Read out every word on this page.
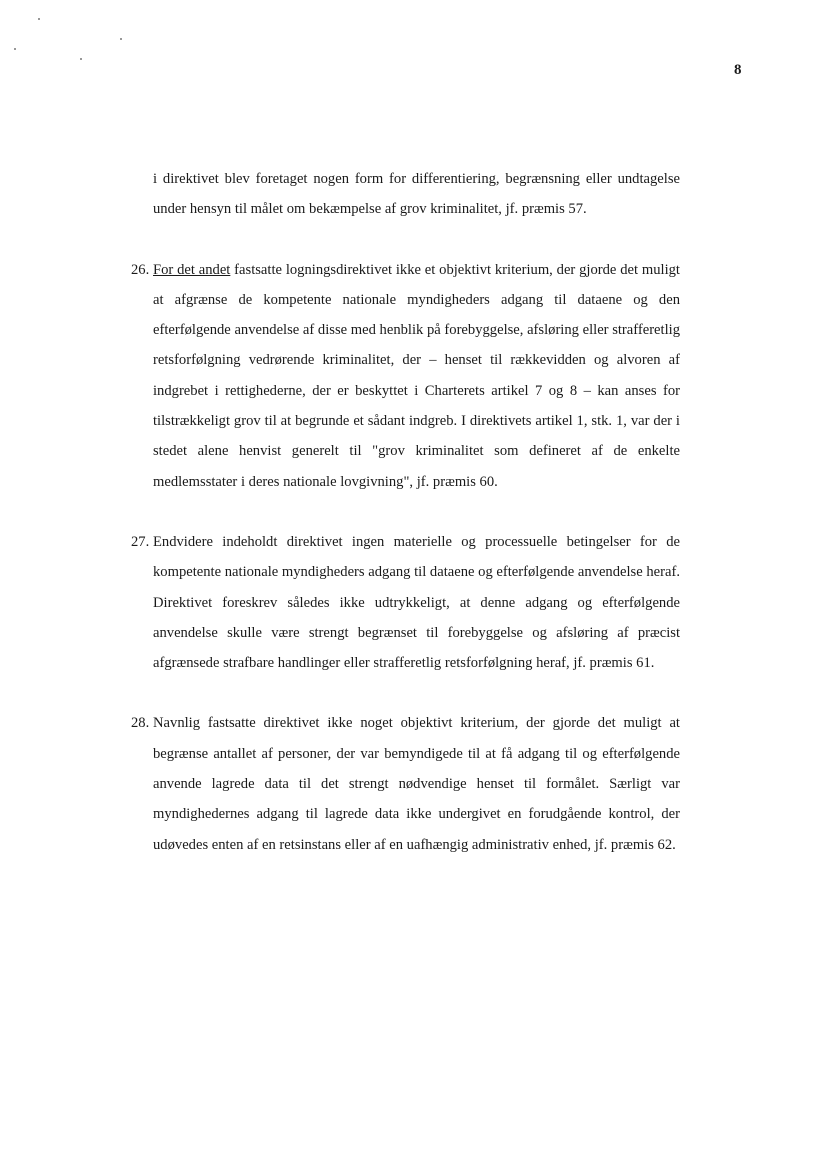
8

i direktivet blev foretaget nogen form for differentiering, begrænsning eller undtagelse under hensyn til målet om bekæmpelse af grov kriminalitet, jf. præmis 57.

26. For det andet fastsatte logningsdirektivet ikke et objektivt kriterium, der gjorde det muligt at afgrænse de kompetente nationale myndigheders adgang til dataene og den efterfølgende anvendelse af disse med henblik på forebyggelse, afsløring eller strafferetlig retsforfølgning vedrørende kriminalitet, der – henset til rækkevidden og alvoren af indgrebet i rettighederne, der er beskyttet i Charterets artikel 7 og 8 – kan anses for tilstrækkeligt grov til at begrunde et sådant indgreb. I direktivets artikel 1, stk. 1, var der i stedet alene henvist generelt til "grov kriminalitet som defineret af de enkelte medlemsstater i deres nationale lovgivning", jf. præmis 60.

27. Endvidere indeholdt direktivet ingen materielle og processuelle betingelser for de kompetente nationale myndigheders adgang til dataene og efterfølgende anvendelse heraf. Direktivet foreskrev således ikke udtrykkeligt, at denne adgang og efterfølgende anvendelse skulle være strengt begrænset til forebyggelse og afsløring af præcist afgrænsede strafbare handlinger eller strafferetlig retsforfølgning heraf, jf. præmis 61.

28. Navnlig fastsatte direktivet ikke noget objektivt kriterium, der gjorde det muligt at begrænse antallet af personer, der var bemyndigede til at få adgang til og efterfølgende anvende lagrede data til det strengt nødvendige henset til formålet. Særligt var myndighedernes adgang til lagrede data ikke undergivet en forudgående kontrol, der udøvedes enten af en retsinstans eller af en uafhængig administrativ enhed, jf. præmis 62.
